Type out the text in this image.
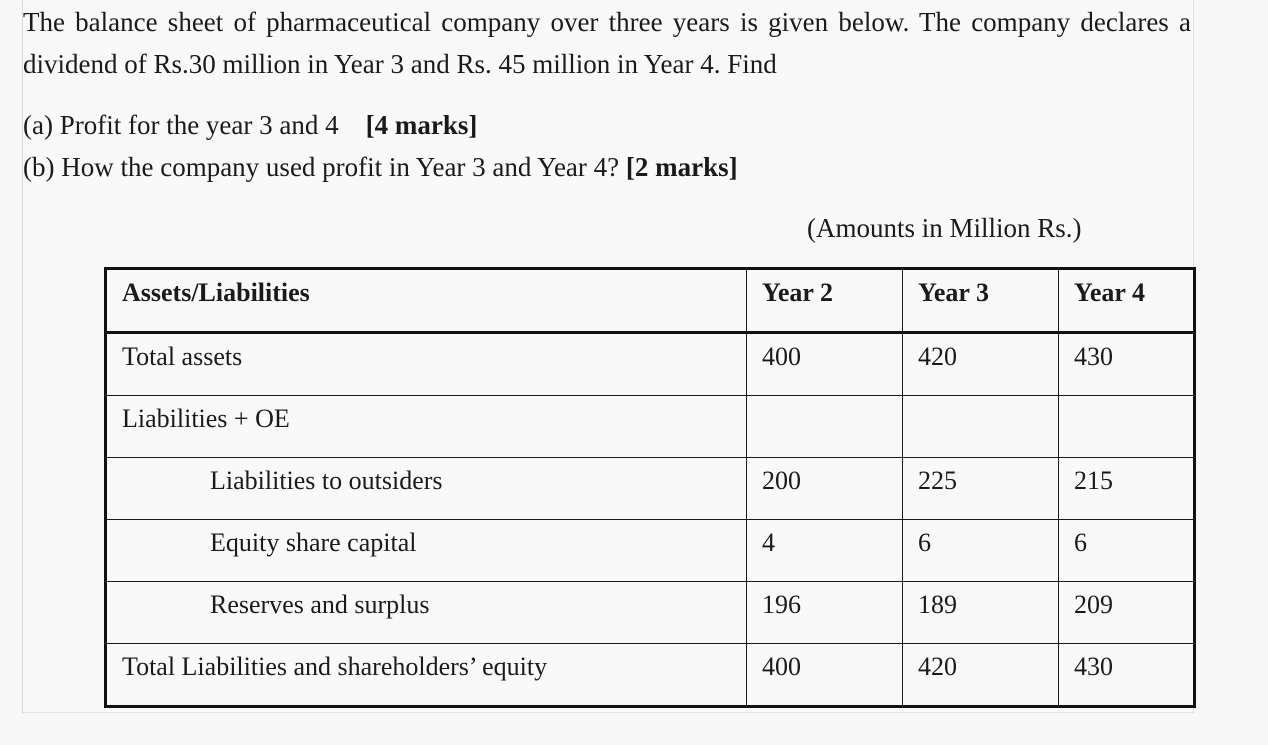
The balance sheet of pharmaceutical company over three years is given below. The company declares a dividend of Rs.30 million in Year 3 and Rs. 45 million in Year 4. Find

(a) Profit for the year 3 and 4 [4 marks]

(b) How the company used profit in Year 3 and Year 4? [2 marks]

(Amounts in Million Rs.)
Assets/Liabilities	Year 2	Year 3	Year 4
Total assets	400	420	430
Liabilities + OE			
Liabilities to outsiders	200	225	215
Equity share capital	4	6	6
Reserves and surplus	196	189	209
Total Liabilities and shareholders’ equity	400	420	430
